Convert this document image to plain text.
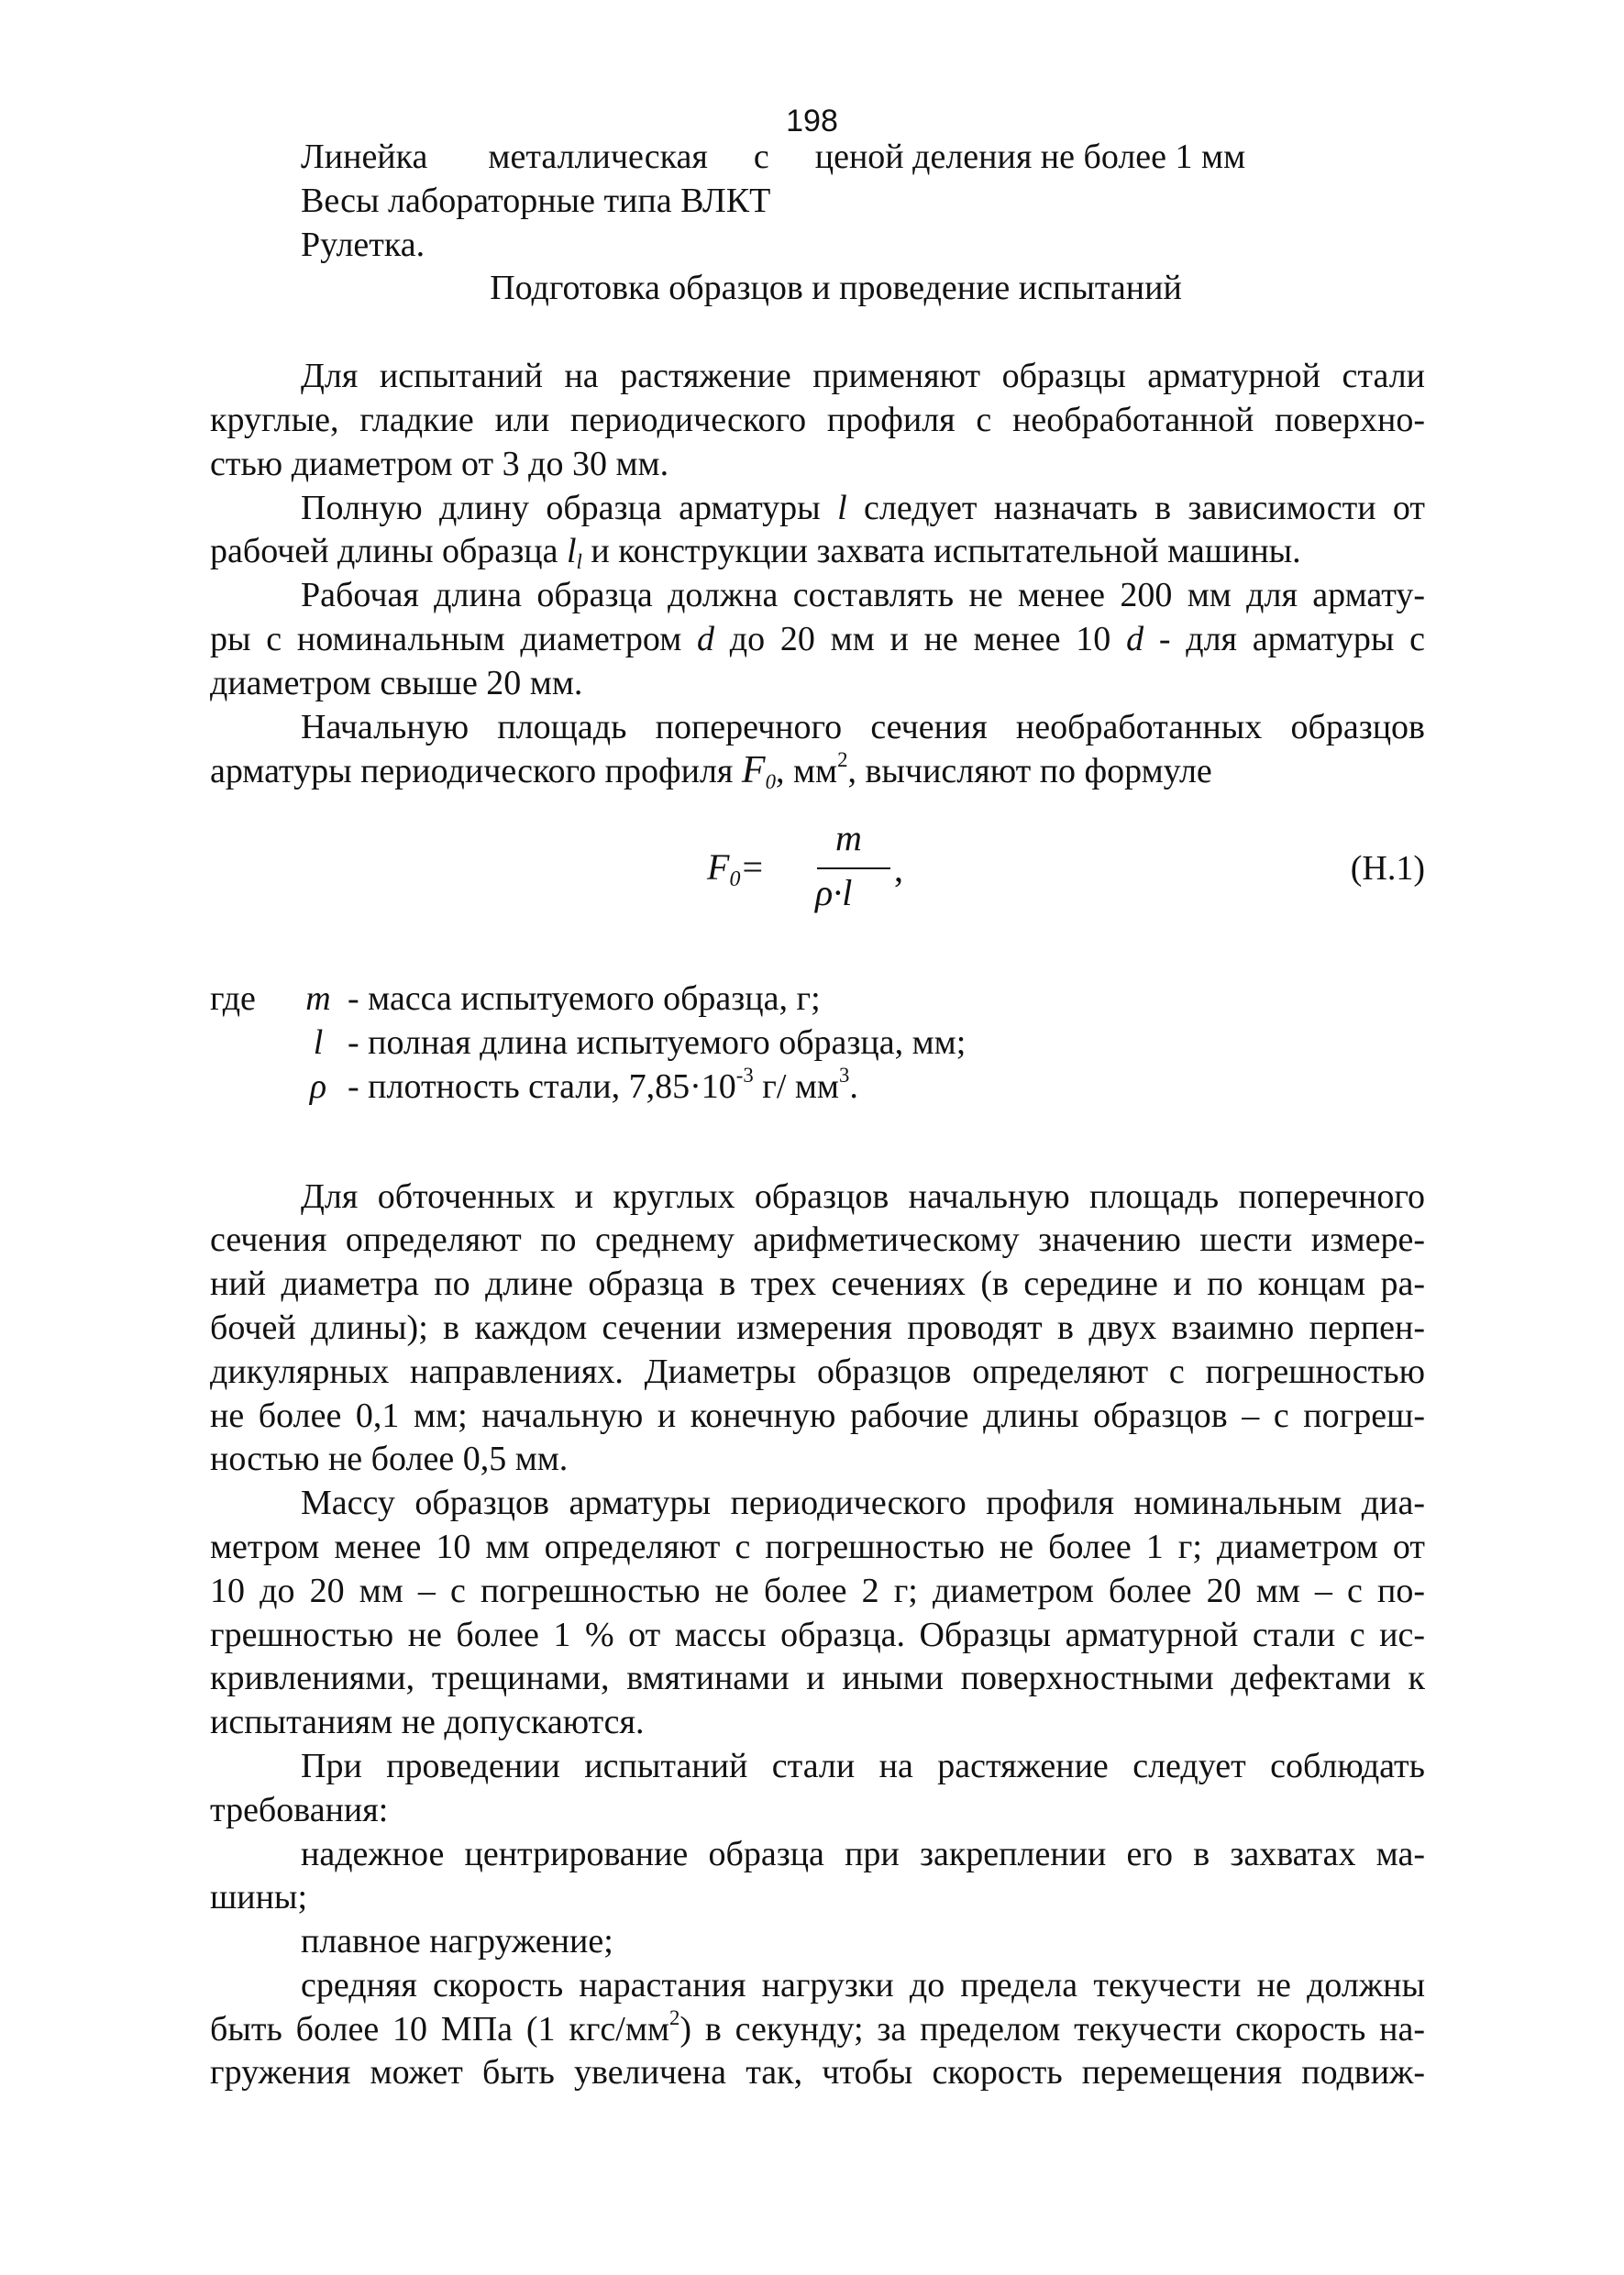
198
Линейка металлическая с ценой деления не более 1 мм
Весы лабораторные типа ВЛКТ
Рулетка.
Подготовка образцов и проведение испытаний
Для испытаний на растяжение применяют образцы арматурной стали
круглые, гладкие или периодического профиля с необработанной поверхно-
стью диаметром от 3 до 30 мм.
Полную длину образца арматуры l следует назначать в зависимости от
рабочей длины образца $l_l$ и конструкции захвата испытательной машины.
Рабочая длина образца должна составлять не менее 200 мм для армату-
ры с номинальным диаметром d до 20 мм и не менее 10 d - для арматуры с
диаметром свыше 20 мм.
Начальную площадь поперечного сечения необработанных образцов
арматуры периодического профиля $F_0$, $мм^2$, вычисляют по формуле
$F_0=$
m
ρ·l
,	(Н.1)
где m - масса испытуемого образца, г;
l - полная длина испытуемого образца, мм;
ρ - плотность стали, $7,85\cdot 10^{-3}$ г/ $мм^3$.
Для обточенных и круглых образцов начальную площадь поперечного
сечения определяют по среднему арифметическому значению шести измере-
ний диаметра по длине образца в трех сечениях (в середине и по концам ра-
бочей длины); в каждом сечении измерения проводят в двух взаимно перпен-
дикулярных направлениях. Диаметры образцов определяют с погрешностью
не более 0,1 мм; начальную и конечную рабочие длины образцов – с погреш-
ностью не более 0,5 мм.
Массу образцов арматуры периодического профиля номинальным диа-
метром менее 10 мм определяют с погрешностью не более 1 г; диаметром от
10 до 20 мм – с погрешностью не более 2 г; диаметром более 20 мм – с по-
грешностью не более 1 % от массы образца. Образцы арматурной стали с ис-
кривлениями, трещинами, вмятинами и иными поверхностными дефектами к
испытаниям не допускаются.
При проведении испытаний стали на растяжение следует соблюдать
требования:
надежное центрирование образца при закреплении его в захватах ма-
шины;
плавное нагружение;
средняя скорость нарастания нагрузки до предела текучести не должны
быть более 10 МПа (1 кгс/$мм^2$) в секунду; за пределом текучести скорость на-
гружения может быть увеличена так, чтобы скорость перемещения подвиж-
